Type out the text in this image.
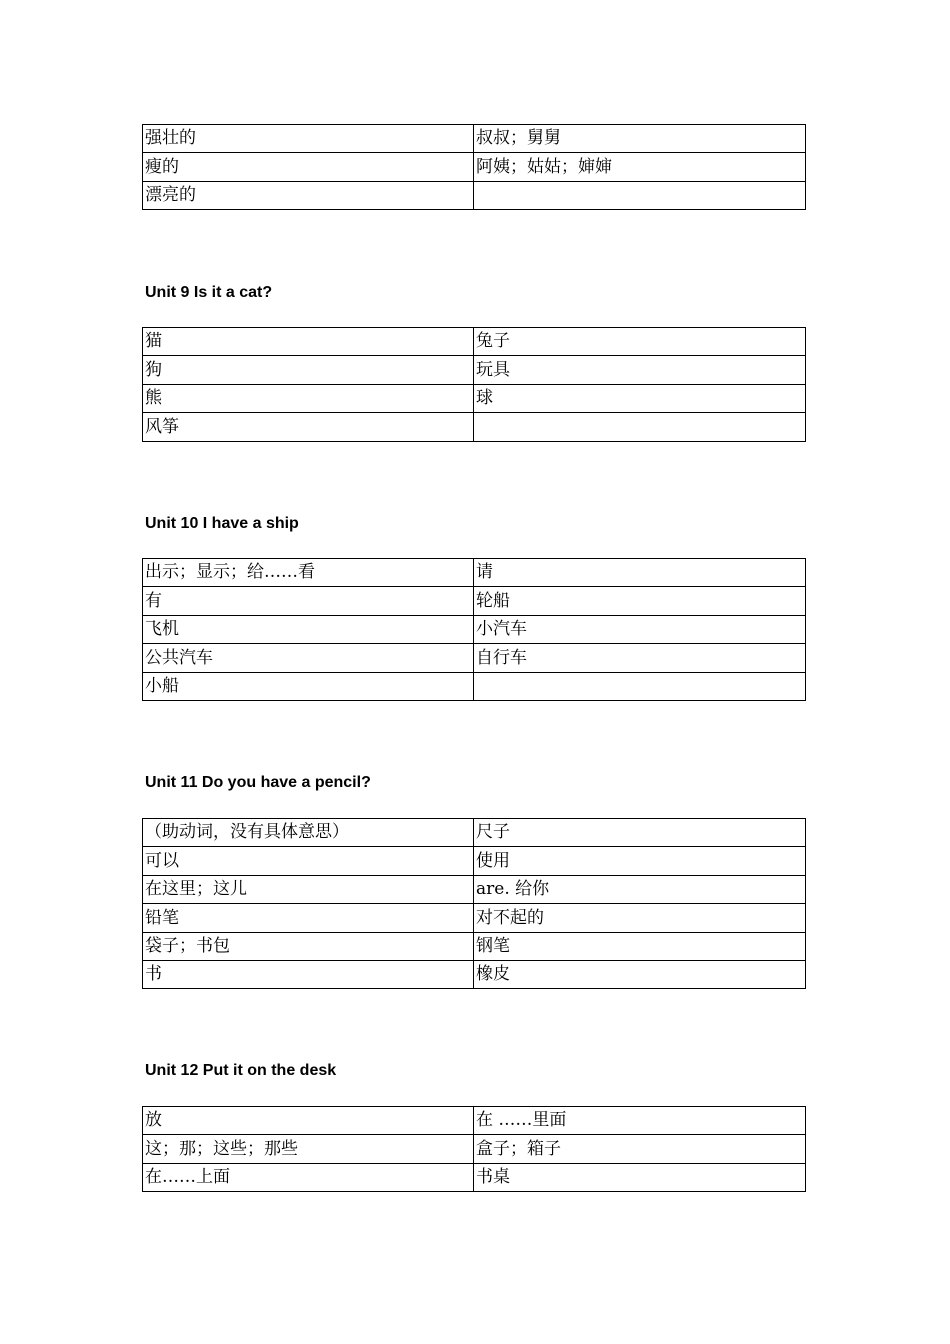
强壮的	叔叔；舅舅
瘦的	阿姨；姑姑；婶婶
漂亮的	
Unit 9 Is it a cat?
猫	兔子
狗	玩具
熊	球
风筝	
Unit 10 I have a ship
出示；显示；给……看	请
有	轮船
飞机	小汽车
公共汽车	自行车
小船	
Unit 11 Do you have a pencil?
（助动词，没有具体意思）	尺子
可以	使用
在这里；这儿	are. 给你
铅笔	对不起的
袋子；书包	钢笔
书	橡皮
Unit 12 Put it on the desk
放	在 ……里面
这；那；这些；那些	盒子；箱子
在……上面	书桌
